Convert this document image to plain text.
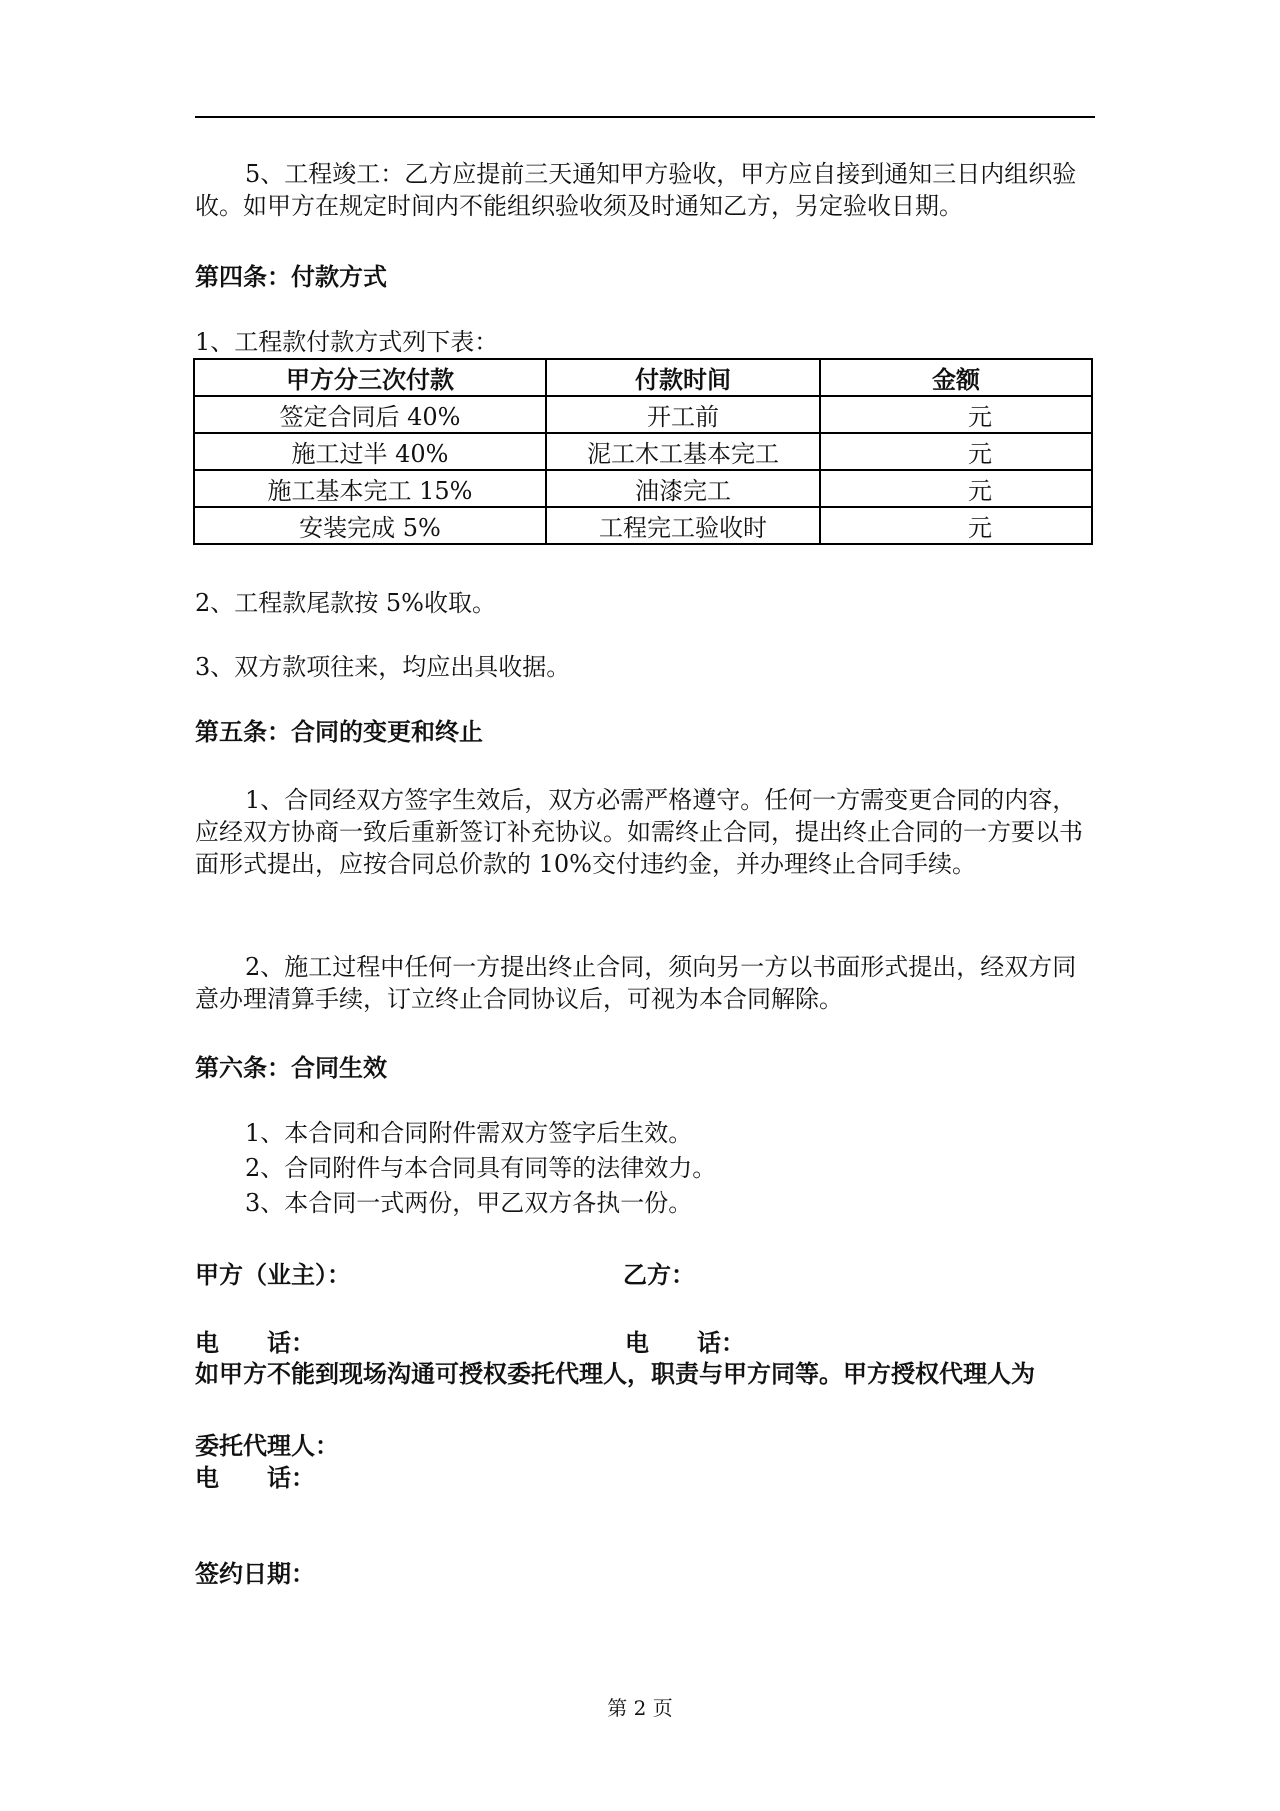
5、工程竣工：乙方应提前三天通知甲方验收，甲方应自接到通知三日内组织验收。如甲方在规定时间内不能组织验收须及时通知乙方，另定验收日期。

第四条：付款方式

1、工程款付款方式列下表：

甲方分三次付款	付款时间	金额
签定合同后 40%	开工前	元
施工过半 40%	泥工木工基本完工	元
施工基本完工 15%	油漆完工	元
安装完成 5%	工程完工验收时	元

2、工程款尾款按 5%收取。

3、双方款项往来，均应出具收据。

第五条：合同的变更和终止

1、合同经双方签字生效后，双方必需严格遵守。任何一方需变更合同的内容，应经双方协商一致后重新签订补充协议。如需终止合同，提出终止合同的一方要以书面形式提出，应按合同总价款的 10%交付违约金，并办理终止合同手续。

2、施工过程中任何一方提出终止合同，须向另一方以书面形式提出，经双方同意办理清算手续，订立终止合同协议后，可视为本合同解除。

第六条：合同生效

1、本合同和合同附件需双方签字后生效。

2、合同附件与本合同具有同等的法律效力。

3、本合同一式两份，甲乙双方各执一份。

甲方（业主）：	乙方：

电　　话：	电　　话：

如甲方不能到现场沟通可授权委托代理人，职责与甲方同等。甲方授权代理人为

委托代理人：

电　　话：

签约日期：

第 2 页
